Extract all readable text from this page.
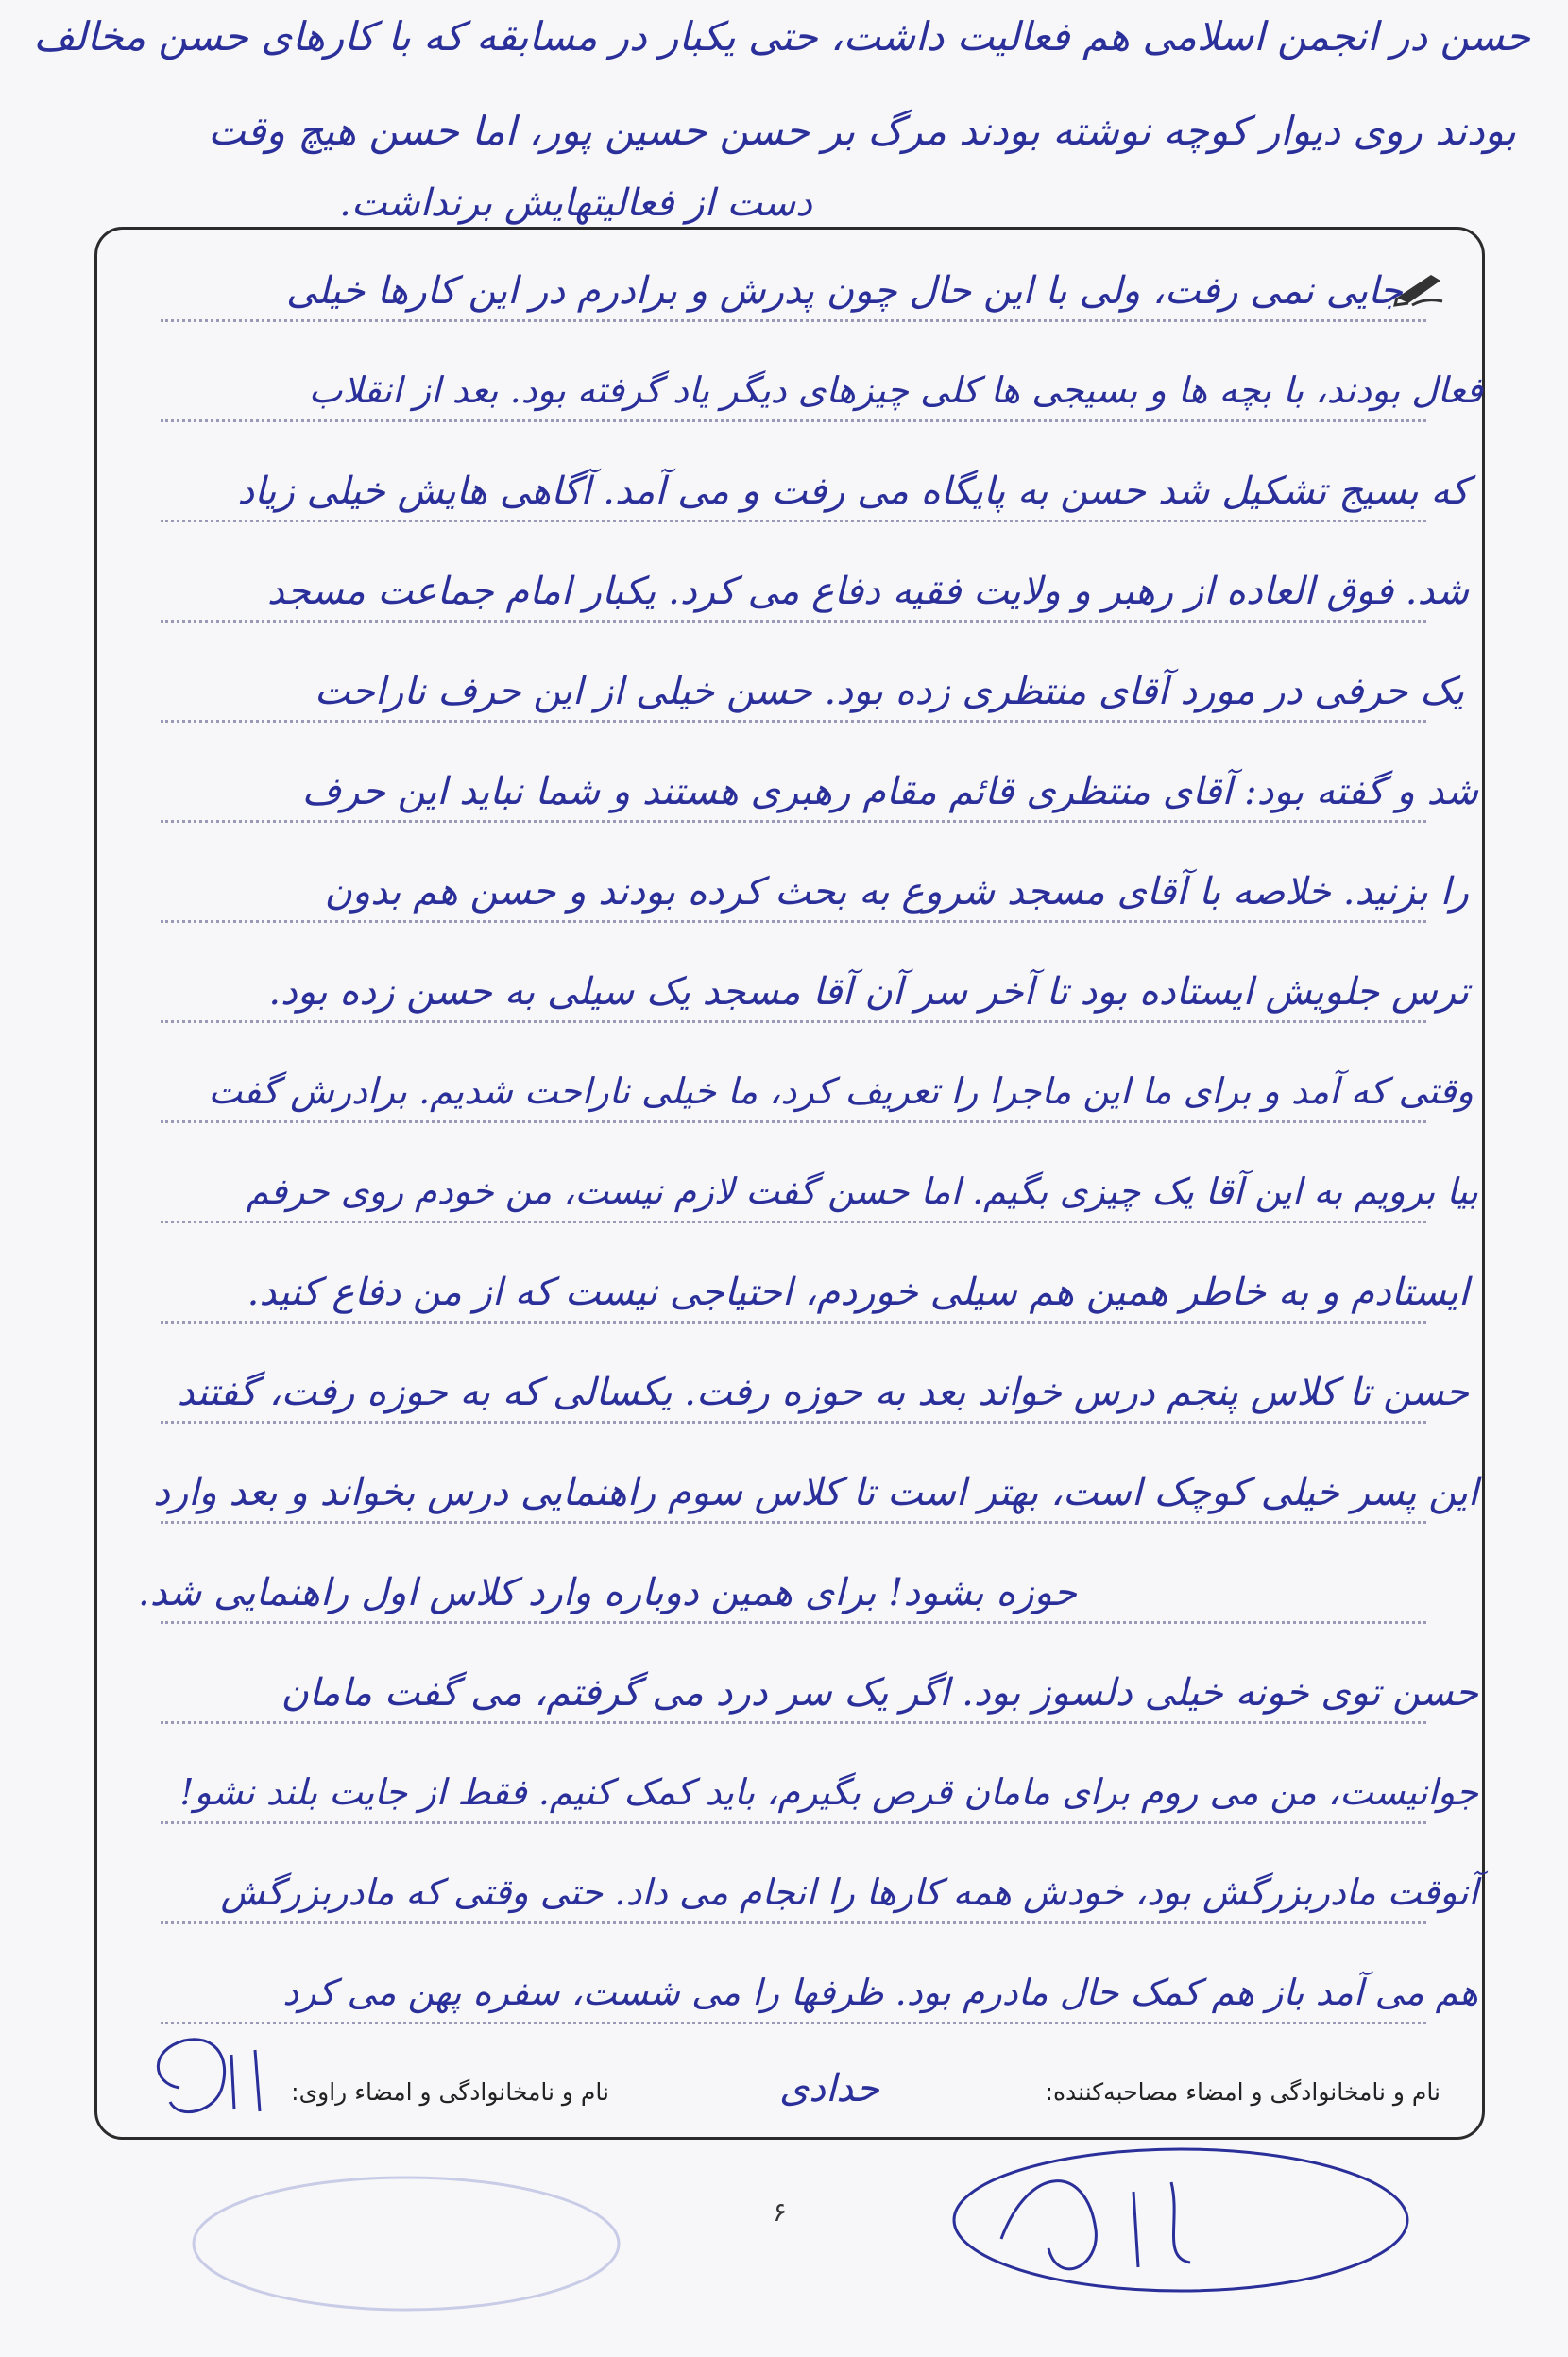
حسن در انجمن اسلامی هم فعالیت داشت، حتی یکبار در مسابقه که با کارهای حسن مخالف
بودند روی دیوار کوچه نوشته بودند مرگ بر حسن حسین پور، اما حسن هیچ وقت
دست از فعالیتهایش برنداشت.
جایی نمی رفت، ولی با این حال چون پدرش و برادرم در این کارها خیلی
فعال بودند، با بچه ها و بسیجی ها کلی چیزهای دیگر یاد گرفته بود. بعد از انقلاب
که بسیج تشکیل شد حسن به پایگاه می رفت و می آمد. آگاهی هایش خیلی زیاد
شد. فوق العاده از رهبر و ولایت فقیه دفاع می کرد. یکبار امام جماعت مسجد
یک حرفی در مورد آقای منتظری زده بود. حسن خیلی از این حرف ناراحت
شد و گفته بود: آقای منتظری قائم مقام رهبری هستند و شما نباید این حرف
را بزنید. خلاصه با آقای مسجد شروع به بحث کرده بودند و حسن هم بدون
ترس جلویش ایستاده بود تا آخر سر آن آقا مسجد یک سیلی به حسن زده بود.
وقتی که آمد و برای ما این ماجرا را تعریف کرد، ما خیلی ناراحت شدیم. برادرش گفت
بیا برویم به این آقا یک چیزی بگیم. اما حسن گفت لازم نیست، من خودم روی حرفم
ایستادم و به خاطر همین هم سیلی خوردم، احتیاجی نیست که از من دفاع کنید.
حسن تا کلاس پنجم درس خواند بعد به حوزه رفت. یکسالی که به حوزه رفت، گفتند
این پسر خیلی کوچک است، بهتر است تا کلاس سوم راهنمایی درس بخواند و بعد وارد
حوزه بشود! برای همین دوباره وارد کلاس اول راهنمایی شد.
حسن توی خونه خیلی دلسوز بود. اگر یک سر درد می گرفتم، می گفت مامان
جوانیست، من می روم برای مامان قرص بگیرم، باید کمک کنیم. فقط از جایت بلند نشو!
آنوقت مادربزرگش بود، خودش همه کارها را انجام می داد. حتی وقتی که مادربزرگش
هم می آمد باز هم کمک حال مادرم بود. ظرفها را می شست، سفره پهن می کرد
نام و نامخانوادگی و امضاء مصاحبه‌کننده:
حدادی
نام و نامخانوادگی و امضاء راوی:
۶
